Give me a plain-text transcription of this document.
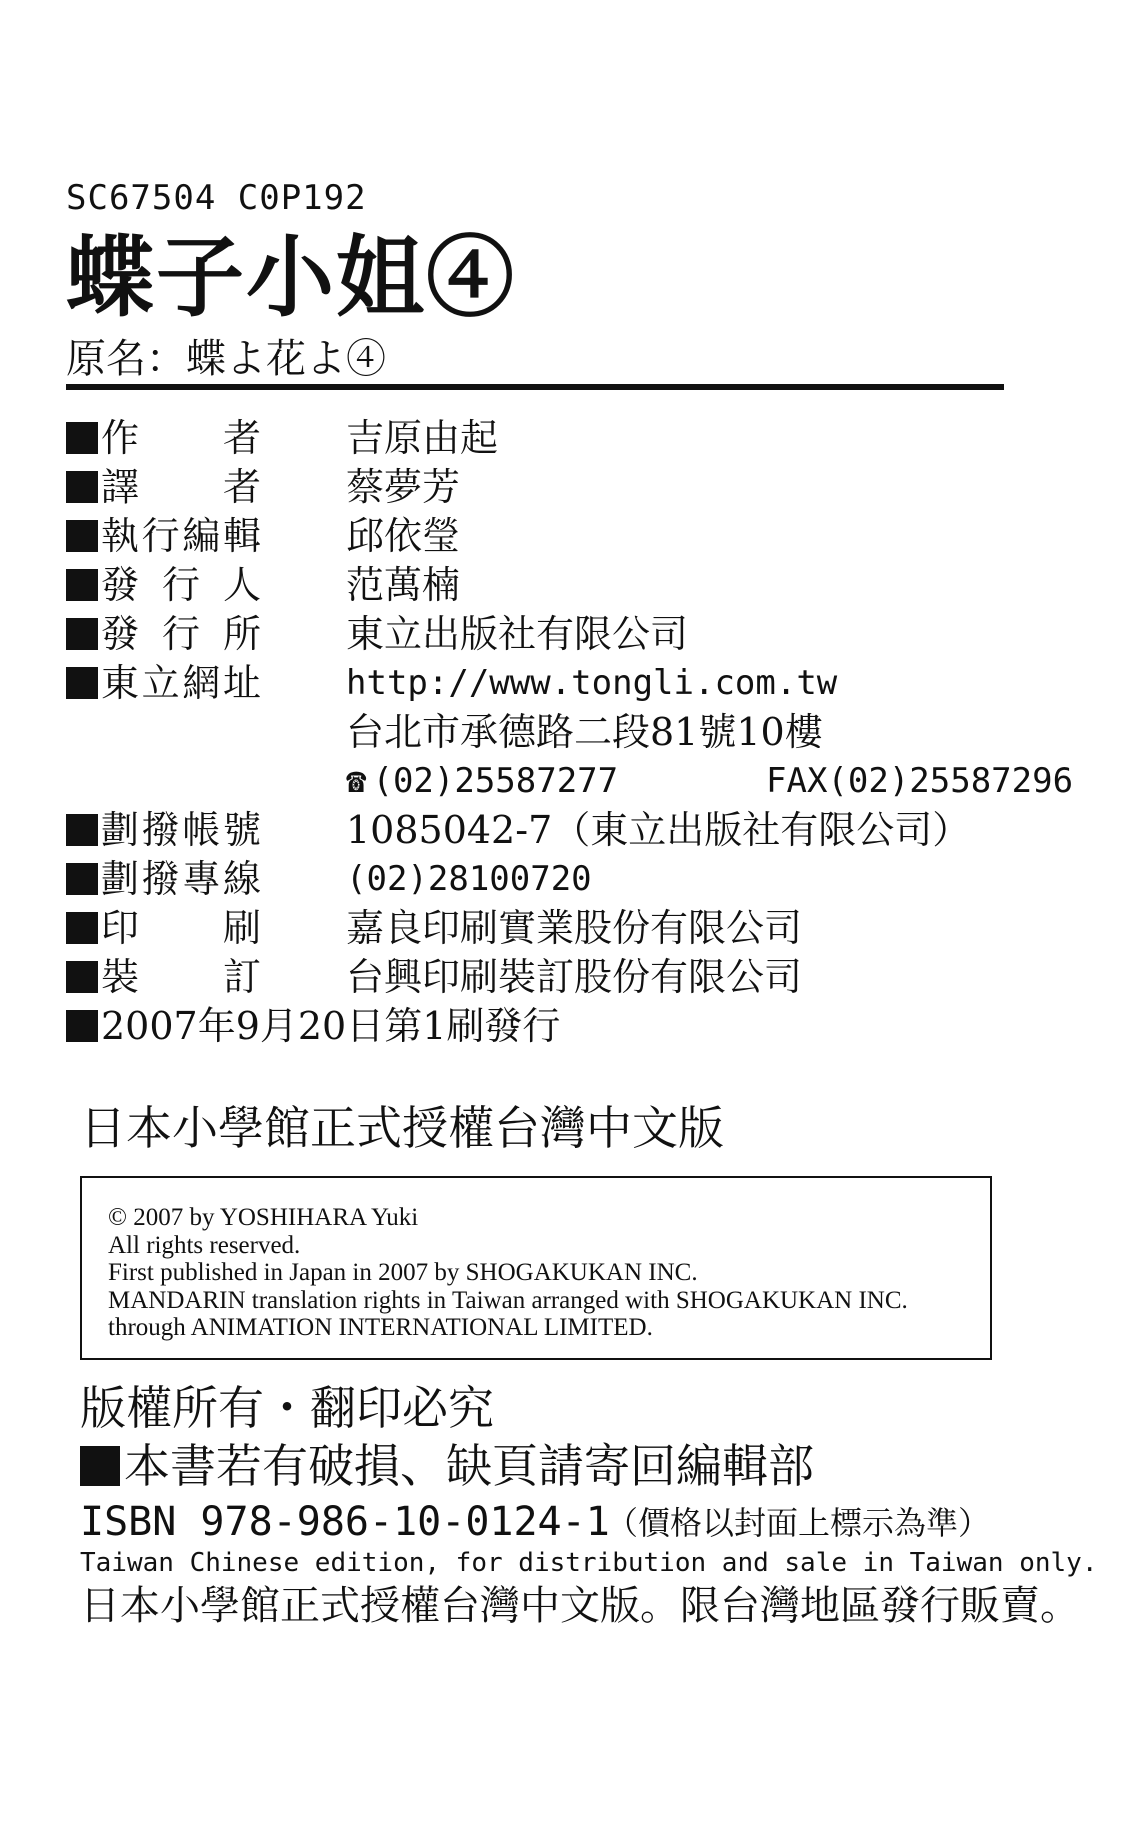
SC67504 C0P192
蝶子小姐④
原名：蝶よ花よ④
作　者 吉原由起
譯　者 蔡夢芳
執行編輯 邱依瑩
發 行 人 范萬楠
發 行 所 東立出版社有限公司
東立網址	http://www.tongli.com.tw
台北市承德路二段81號10樓
☎ (02)25587277	FAX(02)25587296
劃撥帳號 1085042-7（東立出版社有限公司）
劃撥專線	(02)28100720
印　刷 嘉良印刷實業股份有限公司
裝　訂 台興印刷裝訂股份有限公司
2007年9月20日第1刷發行
日本小學館正式授權台灣中文版
© 2007 by YOSHIHARA Yuki
All rights reserved.
First published in Japan in 2007 by SHOGAKUKAN INC.
MANDARIN translation rights in Taiwan arranged with SHOGAKUKAN INC.
through ANIMATION INTERNATIONAL LIMITED.
版權所有・翻印必究
本書若有破損、缺頁請寄回編輯部
ISBN 978-986-10-0124-1
（價格以封面上標示為準）
Taiwan Chinese edition, for distribution and sale in Taiwan only.
日本小學館正式授權台灣中文版。限台灣地區發行販賣。
